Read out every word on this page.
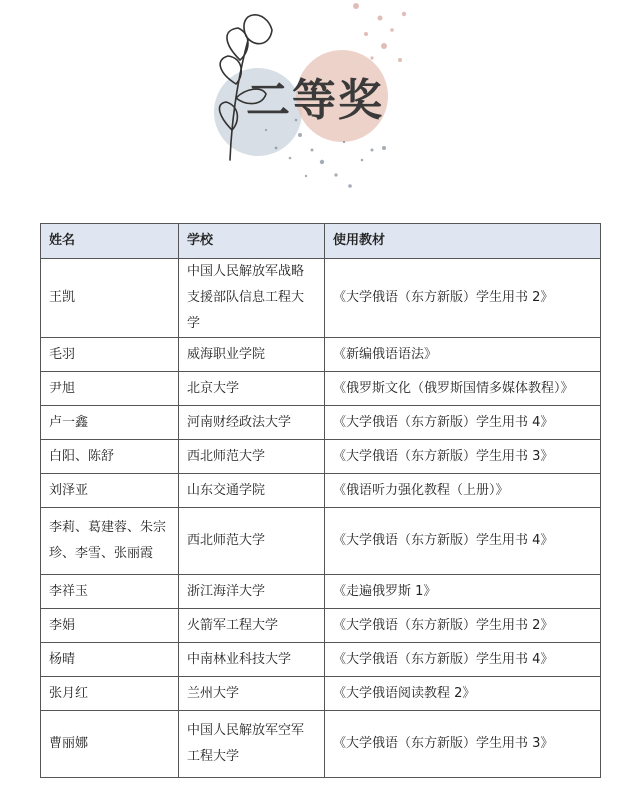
二等奖
姓名	学校	使用教材
王凯	中国人民解放军战略支援部队信息工程大学	《大学俄语（东方新版）学生用书 2》
毛羽	威海职业学院	《新编俄语语法》
尹旭	北京大学	《俄罗斯文化（俄罗斯国情多媒体教程）》
卢一鑫	河南财经政法大学	《大学俄语（东方新版）学生用书 4》
白阳、陈舒	西北师范大学	《大学俄语（东方新版）学生用书 3》
刘泽亚	山东交通学院	《俄语听力强化教程（上册）》
李莉、葛建蓉、朱宗珍、李雪、张丽霞	西北师范大学	《大学俄语（东方新版）学生用书 4》
李祥玉	浙江海洋大学	《走遍俄罗斯 1》
李娟	火箭军工程大学	《大学俄语（东方新版）学生用书 2》
杨晴	中南林业科技大学	《大学俄语（东方新版）学生用书 4》
张月红	兰州大学	《大学俄语阅读教程 2》
曹丽娜	中国人民解放军空军工程大学	《大学俄语（东方新版）学生用书 3》
